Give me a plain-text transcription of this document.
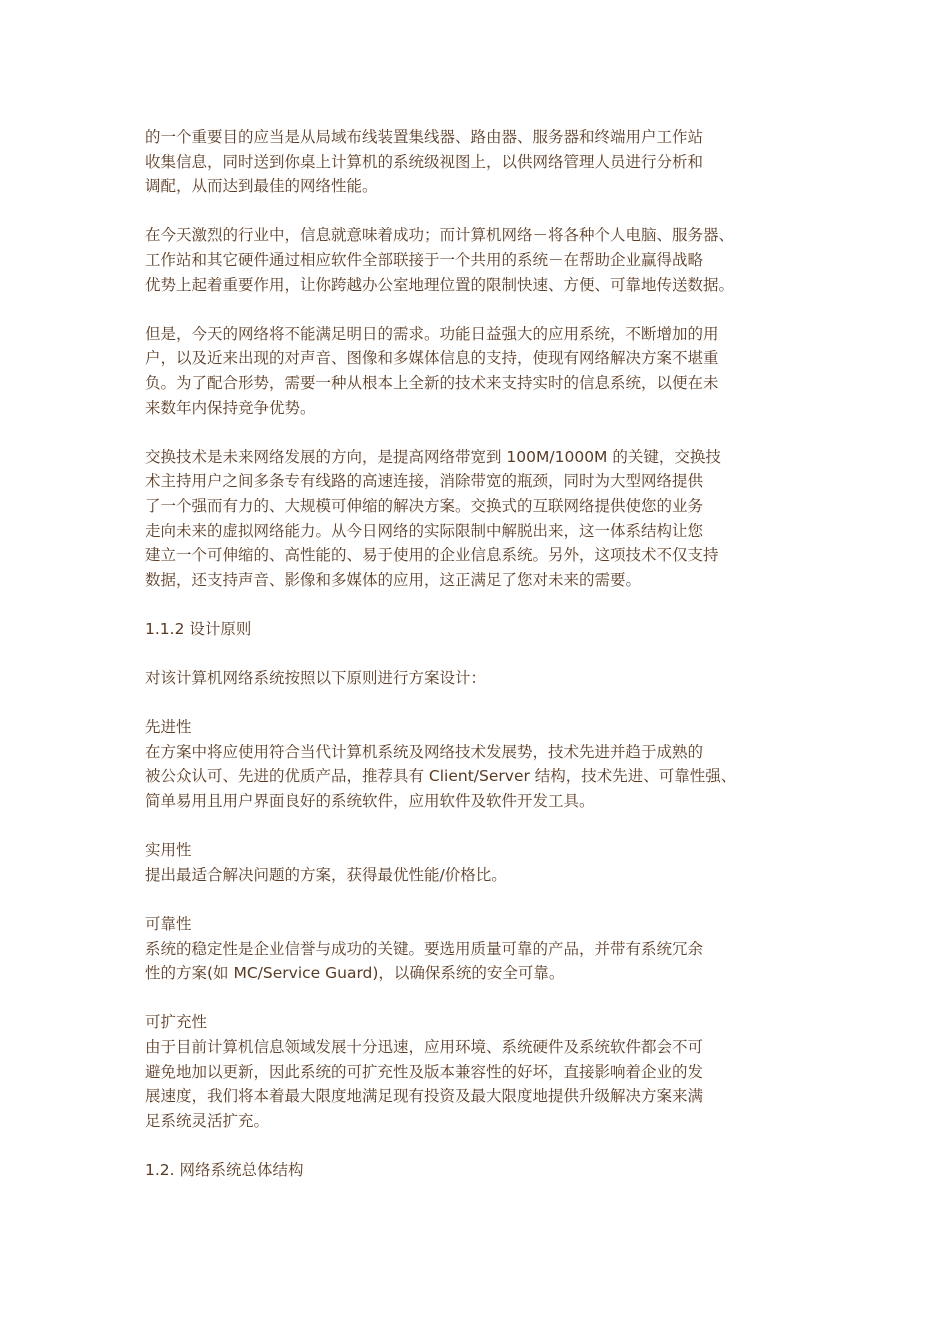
的一个重要目的应当是从局域布线装置集线器、路由器、服务器和终端用户工作站
收集信息，同时送到你桌上计算机的系统级视图上，以供网络管理人员进行分析和
调配，从而达到最佳的网络性能。

在今天激烈的行业中，信息就意味着成功；而计算机网络－将各种个人电脑、服务器、
工作站和其它硬件通过相应软件全部联接于一个共用的系统－在帮助企业赢得战略
优势上起着重要作用，让你跨越办公室地理位置的限制快速、方便、可靠地传送数据。

但是，今天的网络将不能满足明日的需求。功能日益强大的应用系统，不断增加的用
户，以及近来出现的对声音、图像和多媒体信息的支持，使现有网络解决方案不堪重
负。为了配合形势，需要一种从根本上全新的技术来支持实时的信息系统，以便在未
来数年内保持竞争优势。

交换技术是未来网络发展的方向，是提高网络带宽到 100M/1000M 的关键，交换技
术主持用户之间多条专有线路的高速连接，消除带宽的瓶颈，同时为大型网络提供
了一个强而有力的、大规模可伸缩的解决方案。交换式的互联网络提供使您的业务
走向未来的虚拟网络能力。从今日网络的实际限制中解脱出来，这一体系结构让您
建立一个可伸缩的、高性能的、易于使用的企业信息系统。另外，这项技术不仅支持
数据，还支持声音、影像和多媒体的应用，这正满足了您对未来的需要。

1.1.2 设计原则

对该计算机网络系统按照以下原则进行方案设计：

先进性

在方案中将应使用符合当代计算机系统及网络技术发展势，技术先进并趋于成熟的
被公众认可、先进的优质产品，推荐具有 Client/Server 结构，技术先进、可靠性强、
简单易用且用户界面良好的系统软件，应用软件及软件开发工具。

实用性

提出最适合解决问题的方案，获得最优性能/价格比。

可靠性

系统的稳定性是企业信誉与成功的关键。要选用质量可靠的产品，并带有系统冗余
性的方案(如 MC/Service Guard)，以确保系统的安全可靠。

可扩充性

由于目前计算机信息领域发展十分迅速，应用环境、系统硬件及系统软件都会不可
避免地加以更新，因此系统的可扩充性及版本兼容性的好坏，直接影响着企业的发
展速度，我们将本着最大限度地满足现有投资及最大限度地提供升级解决方案来满
足系统灵活扩充。

1.2. 网络系统总体结构
